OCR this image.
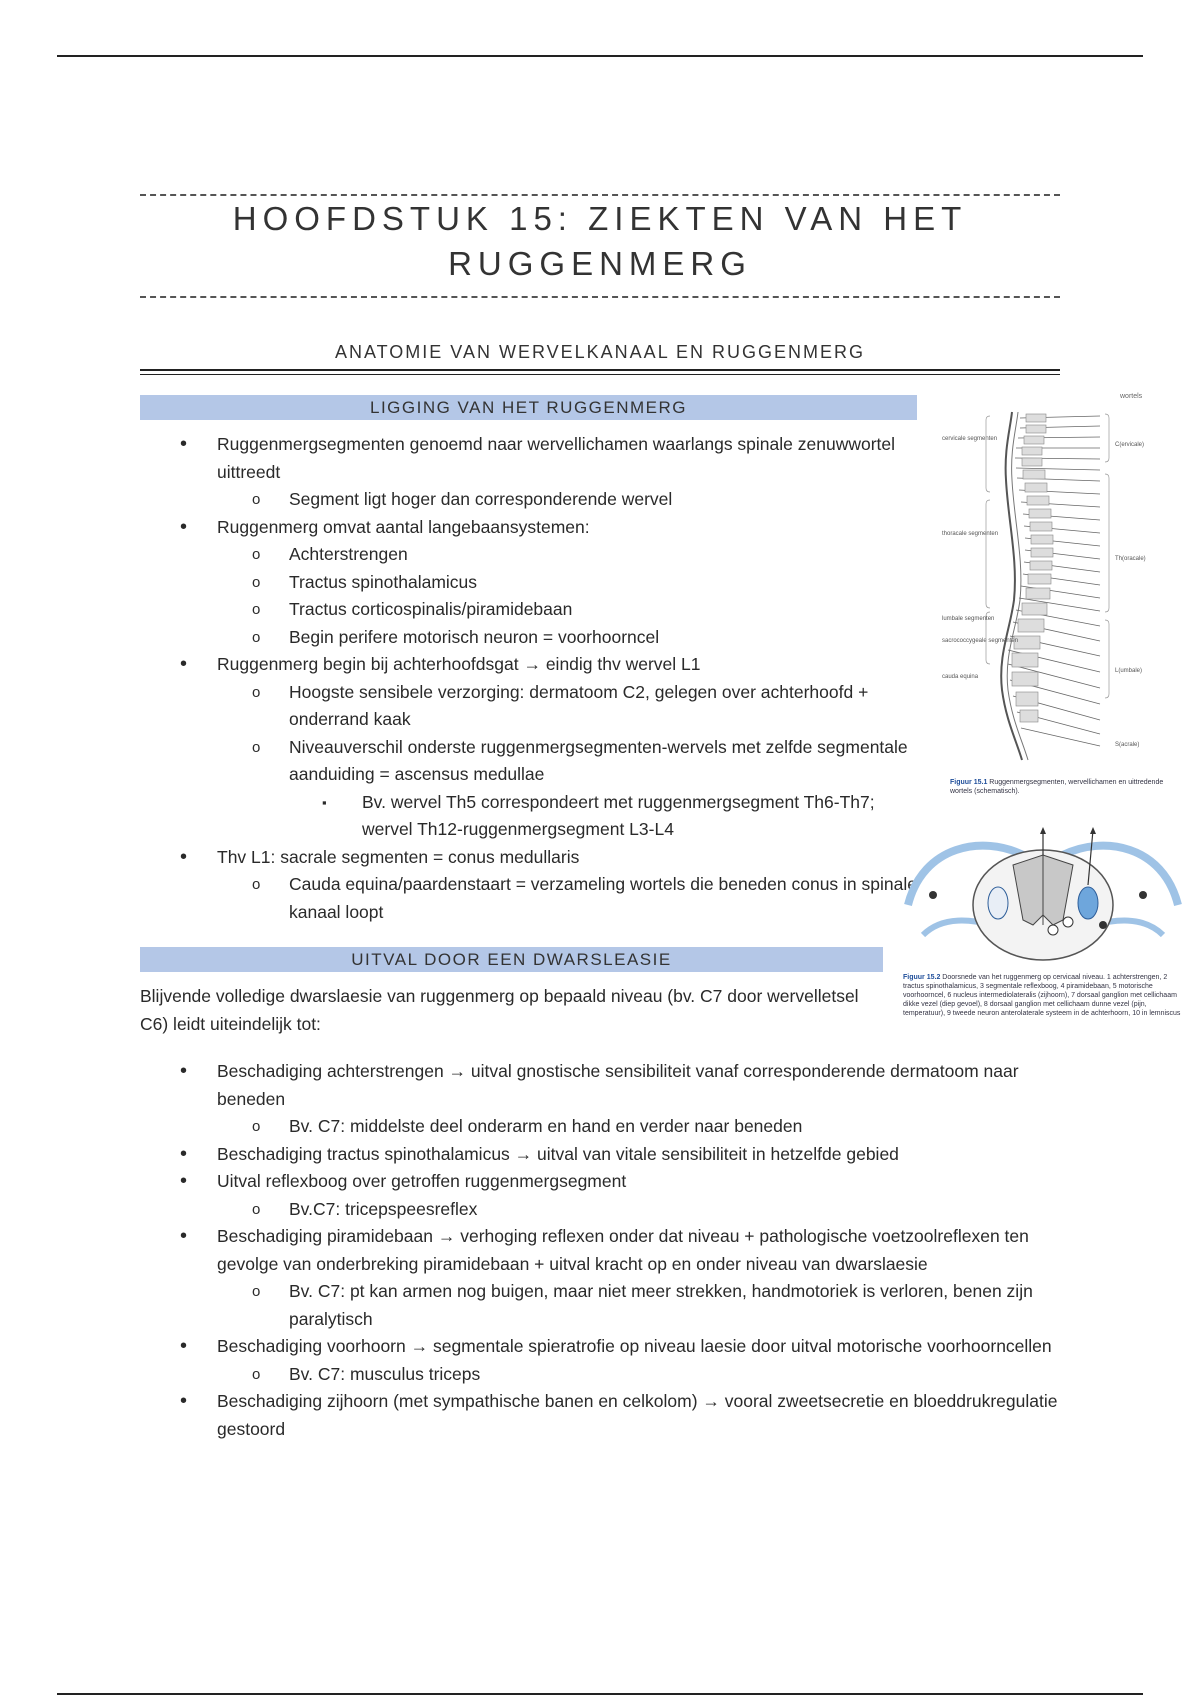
HOOFDSTUK 15: ZIEKTEN VAN HET
RUGGENMERG
ANATOMIE VAN WERVELKANAAL EN RUGGENMERG
LIGGING VAN HET RUGGENMERG
• Ruggenmergsegmenten genoemd naar wervellichamen waarlangs spinale zenuwwortel uittreedt
o Segment ligt hoger dan corresponderende wervel
• Ruggenmerg omvat aantal langebaansystemen:
o Achterstrengen
o Tractus spinothalamicus
o Tractus corticospinalis/piramidebaan
o Begin perifere motorisch neuron = voorhoorncel
• Ruggenmerg begin bij achterhoofdsgat → eindig thv wervel L1
o Hoogste sensibele verzorging: dermatoom C2, gelegen over achterhoofd + onderrand kaak
o Niveauverschil onderste ruggenmergsegmenten-wervels met zelfde segmentale aanduiding = ascensus medullae
▪ Bv. wervel Th5 correspondeert met ruggenmergsegment Th6-Th7; wervel Th12-ruggenmergsegment L3-L4
• Thv L1: sacrale segmenten = conus medullaris
o Cauda equina/paardenstaart = verzameling wortels die beneden conus in spinale kanaal loopt
wortels
cervicale segmenten
thoracale segmenten
lumbale segmenten
sacrococcygeale segmenten
cauda equina
C(ervicale)
Th(oracale)
L(umbale)
S(acrale)
Figuur 15.1 Ruggenmergsegmenten, wervellichamen en uittredende wortels (schematisch).
Figuur 15.2 Doorsnede van het ruggenmerg op cervicaal niveau. 1 achterstrengen, 2 tractus spinothalamicus, 3 segmentale reflexboog, 4 piramidebaan, 5 motorische voorhoorncel, 6 nucleus intermediolateralis (zijhoorn), 7 dorsaal ganglion met cellichaam dikke vezel (diep gevoel), 8 dorsaal ganglion met cellichaam dunne vezel (pijn, temperatuur), 9 tweede neuron anterolaterale systeem in de achterhoorn, 10 in lemniscus
UITVAL DOOR EEN DWARSLEASIE
Blijvende volledige dwarslaesie van ruggenmerg op bepaald niveau (bv. C7 door wervelletsel C6) leidt uiteindelijk tot:
• Beschadiging achterstrengen → uitval gnostische sensibiliteit vanaf corresponderende dermatoom naar beneden
o Bv. C7: middelste deel onderarm en hand en verder naar beneden
• Beschadiging tractus spinothalamicus → uitval van vitale sensibiliteit in hetzelfde gebied
• Uitval reflexboog over getroffen ruggenmergsegment
o Bv.C7: tricepspeesreflex
• Beschadiging piramidebaan → verhoging reflexen onder dat niveau + pathologische voetzoolreflexen ten gevolge van onderbreking piramidebaan + uitval kracht op en onder niveau van dwarslaesie
o Bv. C7: pt kan armen nog buigen, maar niet meer strekken, handmotoriek is verloren, benen zijn paralytisch
• Beschadiging voorhoorn → segmentale spieratrofie op niveau laesie door uitval motorische voorhoorncellen
o Bv. C7: musculus triceps
• Beschadiging zijhoorn (met sympathische banen en celkolom) → vooral zweetsecretie en bloeddrukregulatie gestoord
